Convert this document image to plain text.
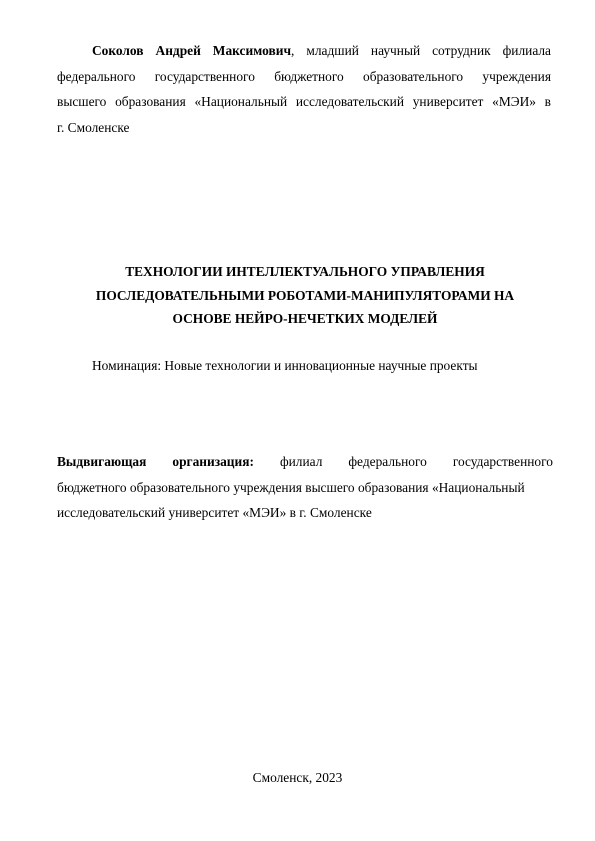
Соколов Андрей Максимович, младший научный сотрудник филиала
федерального государственного бюджетного образовательного учреждения
высшего образования «Национальный исследовательский университет «МЭИ» в
г. Смоленске
ТЕХНОЛОГИИ ИНТЕЛЛЕКТУАЛЬНОГО УПРАВЛЕНИЯ
ПОСЛЕДОВАТЕЛЬНЫМИ РОБОТАМИ-МАНИПУЛЯТОРАМИ НА
ОСНОВЕ НЕЙРО-НЕЧЕТКИХ МОДЕЛЕЙ
Номинация: Новые технологии и инновационные научные проекты
Выдвигающая организация: филиал федерального государственного
бюджетного образовательного учреждения высшего образования «Национальный
исследовательский университет «МЭИ» в г. Смоленске
Смоленск, 2023
